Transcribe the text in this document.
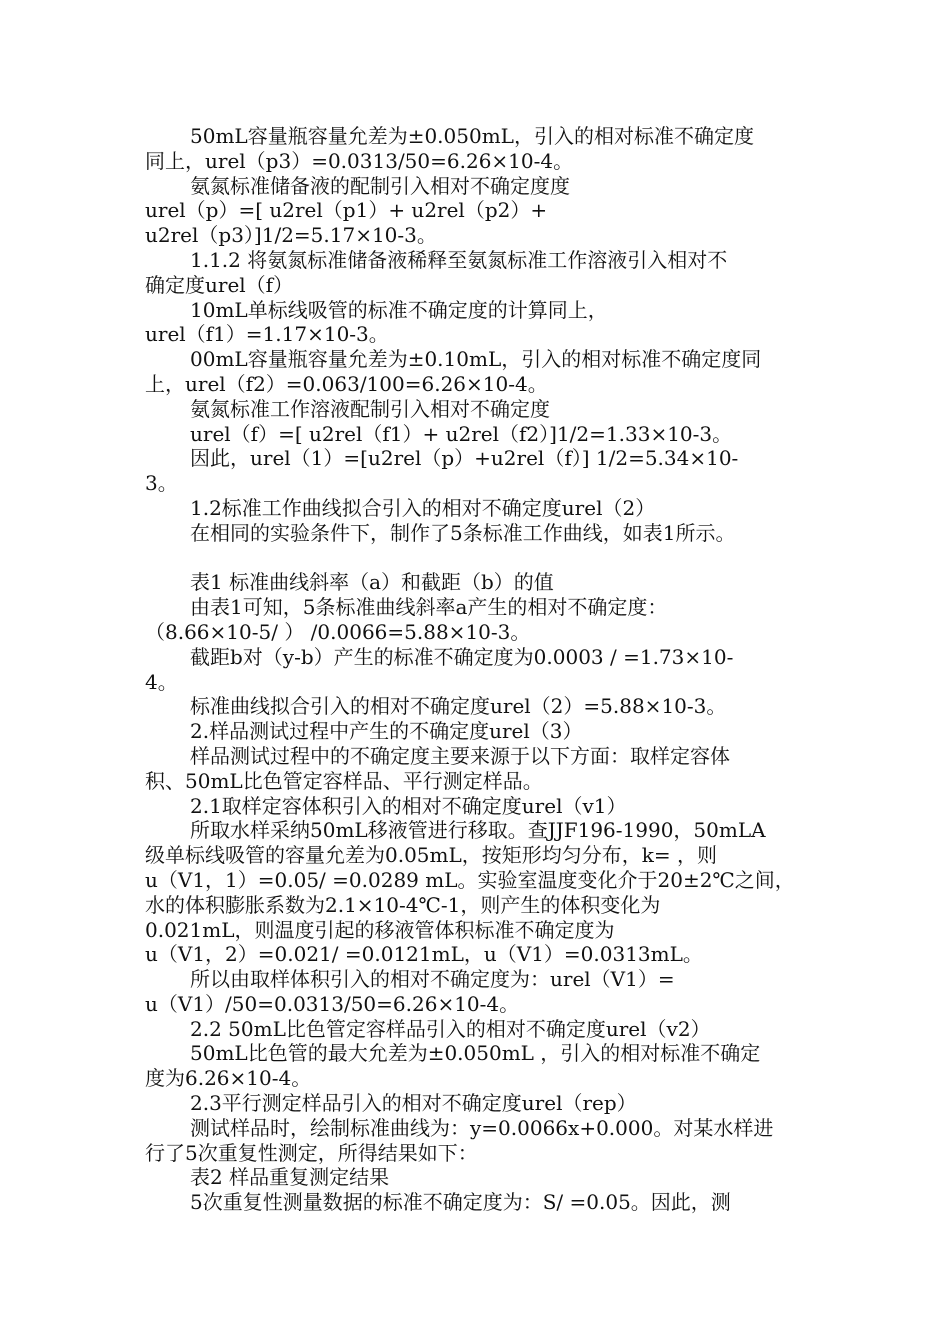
50mL容量瓶容量允差为±0.050mL，引入的相对标准不确定度
同上，urel（p3）=0.0313/50=6.26×10-4。
氨氮标准储备液的配制引入相对不确定度度
urel（p）=[ u2rel（p1）+ u2rel（p2）+
u2rel（p3）]1/2=5.17×10-3。
1.1.2 将氨氮标准储备液稀释至氨氮标准工作溶液引入相对不
确定度urel（f）
10mL单标线吸管的标准不确定度的计算同上，
urel（f1）=1.17×10-3。
00mL容量瓶容量允差为±0.10mL，引入的相对标准不确定度同
上，urel（f2）=0.063/100=6.26×10-4。
氨氮标准工作溶液配制引入相对不确定度
urel（f）=[ u2rel（f1）+ u2rel（f2）]1/2=1.33×10-3。
因此，urel（1）=[u2rel（p）+u2rel（f）] 1/2=5.34×10-
3。
1.2标准工作曲线拟合引入的相对不确定度urel（2）
在相同的实验条件下，制作了5条标准工作曲线，如表1所示。
表1 标准曲线斜率（a）和截距（b）的值
由表1可知，5条标准曲线斜率a产生的相对不确定度：
（8.66×10-5/ ） /0.0066=5.88×10-3。
截距b对（y-b）产生的标准不确定度为0.0003 / =1.73×10-
4。
标准曲线拟合引入的相对不确定度urel（2）=5.88×10-3。
2.样品测试过程中产生的不确定度urel（3）
样品测试过程中的不确定度主要来源于以下方面：取样定容体
积、50mL比色管定容样品、平行测定样品。
2.1取样定容体积引入的相对不确定度urel（v1）
所取水样采纳50mL移液管进行移取。查JJF196-1990，50mLA
级单标线吸管的容量允差为0.05mL，按矩形均匀分布，k= ，则
u（V1，1）=0.05/ =0.0289 mL。实验室温度变化介于20±2℃之间，
水的体积膨胀系数为2.1×10-4℃-1，则产生的体积变化为
0.021mL，则温度引起的移液管体积标准不确定度为
u（V1，2）=0.021/ =0.0121mL，u（V1）=0.0313mL。
所以由取样体积引入的相对不确定度为：urel（V1）=
u（V1）/50=0.0313/50=6.26×10-4。
2.2 50mL比色管定容样品引入的相对不确定度urel（v2）
50mL比色管的最大允差为±0.050mL ，引入的相对标准不确定
度为6.26×10-4。
2.3平行测定样品引入的相对不确定度urel（rep）
测试样品时，绘制标准曲线为：y=0.0066x+0.000。对某水样进
行了5次重复性测定，所得结果如下：
表2 样品重复测定结果
5次重复性测量数据的标准不确定度为：S/ =0.05。因此，测
